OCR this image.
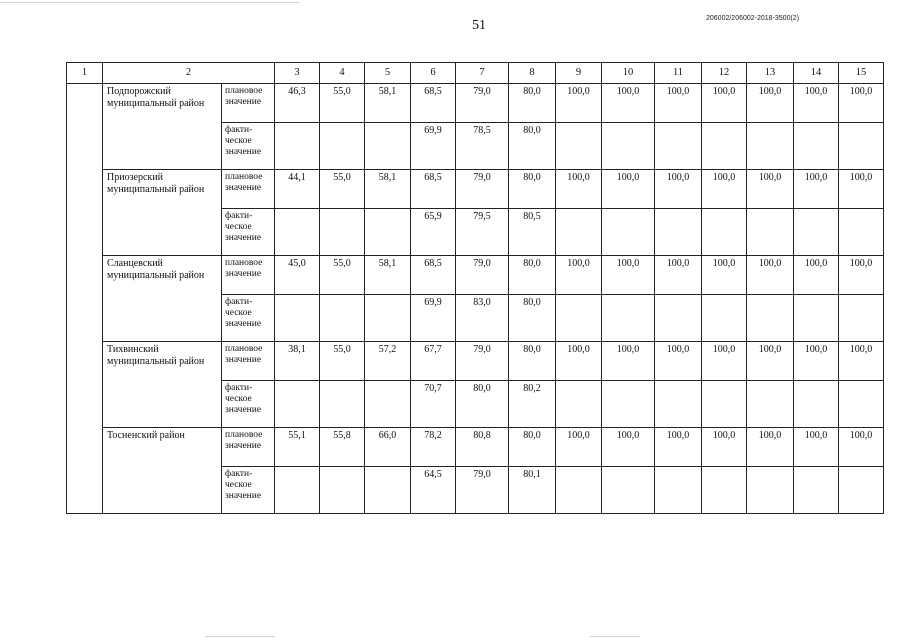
51	206002/206002-2018-3500(2)
1	2		3	4	5	6	7	8	9	10	11	12	13	14	15
	Подпорожский муниципальный район	плановое значение	46,3	55,0	58,1	68,5	79,0	80,0	100,0	100,0	100,0	100,0	100,0	100,0	100,0
		факти-ческое значение				69,9	78,5	80,0							
	Приозерский муниципальный район	плановое значение	44,1	55,0	58,1	68,5	79,0	80,0	100,0	100,0	100,0	100,0	100,0	100,0	100,0
		факти-ческое значение				65,9	79,5	80,5							
	Сланцевский муниципальный район	плановое значение	45,0	55,0	58,1	68,5	79,0	80,0	100,0	100,0	100,0	100,0	100,0	100,0	100,0
		факти-ческое значение				69,9	83,0	80,0							
	Тихвинский муниципальный район	плановое значение	38,1	55,0	57,2	67,7	79,0	80,0	100,0	100,0	100,0	100,0	100,0	100,0	100,0
		факти-ческое значение				70,7	80,0	80,2							
	Тосненский район	плановое значение	55,1	55,8	66,0	78,2	80,8	80,0	100,0	100,0	100,0	100,0	100,0	100,0	100,0
		факти-ческое значение				64,5	79,0	80,1							
